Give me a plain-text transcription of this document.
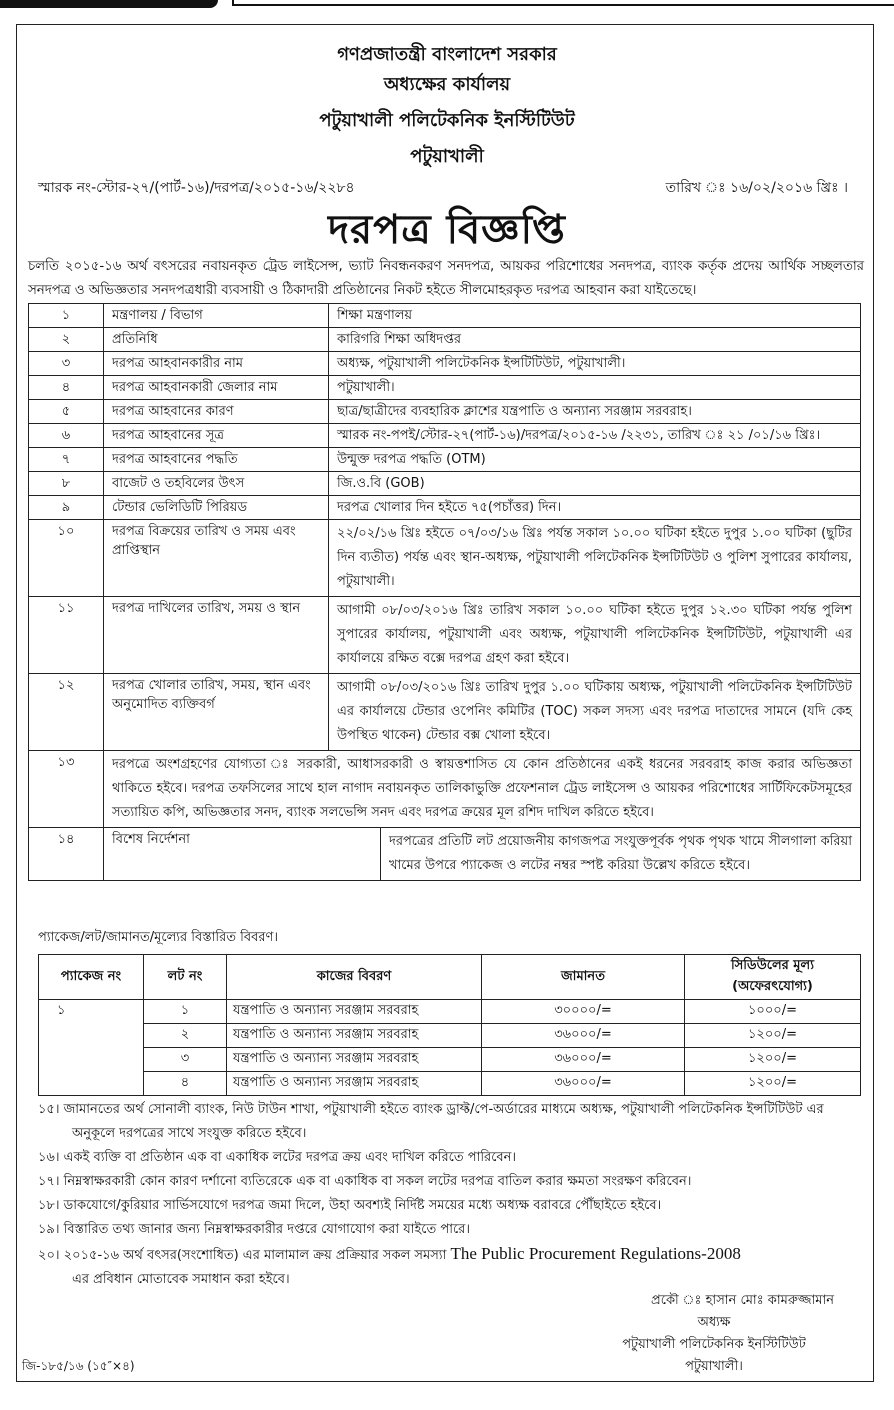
গণপ্রজাতন্ত্রী বাংলাদেশ সরকার
অধ্যক্ষের কার্যালয়
পটুয়াখালী পলিটেকনিক ইনস্টিটিউট
পটুয়াখালী
স্মারক নং-স্টোর-২৭/(পার্ট-১৬)/দরপত্র/২০১৫-১৬/২২৮৪	তারিখ ঃ ১৬/০২/২০১৬ খ্রিঃ ।
দরপত্র বিজ্ঞপ্তি
চলতি ২০১৫-১৬ অর্থ বৎসরের নবায়নকৃত ট্রেড লাইসেন্স, ভ্যাট নিবন্ধনকরণ সনদপত্র, আয়কর পরিশোধের সনদপত্র, ব্যাংক কর্তৃক প্রদেয় আর্থিক সচ্ছলতার সনদপত্র ও অভিজ্ঞতার সনদপত্রধারী ব্যবসায়ী ও ঠিকাদারী প্রতিষ্ঠানের নিকট হইতে সীলমোহরকৃত দরপত্র আহবান করা যাইতেছে।
১	মন্ত্রণালয় / বিভাগ	শিক্ষা মন্ত্রণালয়
২	প্রতিনিধি	কারিগরি শিক্ষা অধিদপ্তর
৩	দরপত্র আহবানকারীর নাম	অধ্যক্ষ, পটুয়াখালী পলিটেকনিক ইন্সটিটিউট, পটুয়াখালী।
৪	দরপত্র আহবানকারী জেলার নাম	পটুয়াখালী।
৫	দরপত্র আহবানের কারণ	ছাত্র/ছাত্রীদের ব্যবহারিক ক্লাশের যন্ত্রপাতি ও অন্যান্য সরঞ্জাম সরবরাহ।
৬	দরপত্র আহবানের সূত্র	স্মারক নং-পপই/স্টোর-২৭(পার্ট-১৬)/দরপত্র/২০১৫-১৬ /২২৩১, তারিখ ঃ ২১ /০১/১৬ খ্রিঃ।
৭	দরপত্র আহবানের পদ্ধতি	উন্মুক্ত দরপত্র পদ্ধতি (OTM)
৮	বাজেট ও তহবিলের উৎস	জি.ও.বি (GOB)
৯	টেন্ডার ভেলিডিটি পিরিয়ড	দরপত্র খোলার দিন হইতে ৭৫(পচাঁত্তর) দিন।
১০	দরপত্র বিক্রয়ের তারিখ ও সময় এবং প্রাপ্তিস্থান	২২/০২/১৬ খ্রিঃ হইতে ০৭/০৩/১৬ খ্রিঃ পর্যন্ত সকাল ১০.০০ ঘটিকা হইতে দুপুর ১.০০ ঘটিকা (ছুটির দিন ব্যতীত) পর্যন্ত এবং স্থান-অধ্যক্ষ, পটুয়াখালী পলিটেকনিক ইন্সটিটিউট ও পুলিশ সুপারের কার্যালয়, পটুয়াখালী।
১১	দরপত্র দাখিলের তারিখ, সময় ও স্থান	আগামী ০৮/০৩/২০১৬ খ্রিঃ তারিখ সকাল ১০.০০ ঘটিকা হইতে দুপুর ১২.৩০ ঘটিকা পর্যন্ত পুলিশ সুপারের কার্যালয়, পটুয়াখালী এবং অধ্যক্ষ, পটুয়াখালী পলিটেকনিক ইন্সটিটিউট, পটুয়াখালী এর কার্যালয়ে রক্ষিত বক্সে দরপত্র গ্রহণ করা হইবে।
১২	দরপত্র খোলার তারিখ, সময়, স্থান এবং অনুমোদিত ব্যক্তিবর্গ	আগামী ০৮/০৩/২০১৬ খ্রিঃ তারিখ দুপুর ১.০০ ঘটিকায় অধ্যক্ষ, পটুয়াখালী পলিটেকনিক ইন্সটিটিউট এর কার্যালয়ে টেন্ডার ওপেনিং কমিটির (TOC) সকল সদস্য এবং দরপত্র দাতাদের সামনে (যদি কেহ উপস্থিত থাকেন) টেন্ডার বক্স খোলা হইবে।
১৩	দরপত্রে অংশগ্রহণের যোগ্যতা ঃ সরকারী, আধাসরকারী ও স্বায়ত্তশাসিত যে কোন প্রতিষ্ঠানের একই ধরনের সরবরাহ কাজ করার অভিজ্ঞতা থাকিতে হইবে। দরপত্র তফসিলের সাথে হাল নাগাদ নবায়নকৃত তালিকাভুক্তি প্রফেশনাল ট্রেড লাইসেন্স ও আয়কর পরিশোধের সার্টিফিকেটসমূহের সত্যায়িত কপি, অভিজ্ঞতার সনদ, ব্যাংক সলভেন্সি সনদ এবং দরপত্র ক্রয়ের মূল রশিদ দাখিল করিতে হইবে।
১৪		বিশেষ নির্দেশনা	দরপত্রের প্রতিটি লট প্রয়োজনীয় কাগজপত্র সংযুক্তপূর্বক পৃথক পৃথক খামে সীলগালা করিয়া খামের উপরে প্যাকেজ ও লটের নম্বর স্পষ্ট করিয়া উল্লেখ করিতে হইবে।
প্যাকেজ/লট/জামানত/মূল্যের বিস্তারিত বিবরণ।
প্যাকেজ নং	লট নং	কাজের বিবরণ	জামানত	সিডিউলের মূল্য (অফেরৎযোগ্য)
১	১	যন্ত্রপাতি ও অন্যান্য সরঞ্জাম সরবরাহ	৩০০০০/=	১০০০/=
	২	যন্ত্রপাতি ও অন্যান্য সরঞ্জাম সরবরাহ	৩৬০০০/=	১২০০/=
	৩	যন্ত্রপাতি ও অন্যান্য সরঞ্জাম সরবরাহ	৩৬০০০/=	১২০০/=
	৪	যন্ত্রপাতি ও অন্যান্য সরঞ্জাম সরবরাহ	৩৬০০০/=	১২০০/=
১৫। জামানতের অর্থ সোনালী ব্যাংক, নিউ টাউন শাখা, পটুয়াখালী হইতে ব্যাংক ড্রাফ্ট/পে-অর্ডারের মাধ্যমে অধ্যক্ষ, পটুয়াখালী পলিটেকনিক ইন্সটিটিউট এর অনুকূলে দরপত্রের সাথে সংযুক্ত করিতে হইবে।
১৬। একই ব্যক্তি বা প্রতিষ্ঠান এক বা একাধিক লটের দরপত্র ক্রয় এবং দাখিল করিতে পারিবেন।
১৭। নিম্নস্বাক্ষরকারী কোন কারণ দর্শানো ব্যতিরেকে এক বা একাধিক বা সকল লটের দরপত্র বাতিল করার ক্ষমতা সংরক্ষণ করিবেন।
১৮। ডাকযোগে/কুরিয়ার সার্ভিসযোগে দরপত্র জমা দিলে, উহা অবশ্যই নির্দিষ্ট সময়ের মধ্যে অধ্যক্ষ বরাবরে পৌঁছাইতে হইবে।
১৯। বিস্তারিত তথ্য জানার জন্য নিম্নস্বাক্ষরকারীর দপ্তরে যোগাযোগ করা যাইতে পারে।
২০। ২০১৫-১৬ অর্থ বৎসর(সংশোধিত) এর মালামাল ক্রয় প্রক্রিয়ার সকল সমস্যা The Public Procurement Regulations-2008
এর প্রবিধান মোতাবেক সমাধান করা হইবে।
প্রকৌ ঃ হাসান মোঃ কামরুজ্জামান
অধ্যক্ষ
পটুয়াখালী পলিটেকনিক ইনস্টিটিউট
পটুয়াখালী।
জি-১৮৫/১৬ (১৫″×৪)
